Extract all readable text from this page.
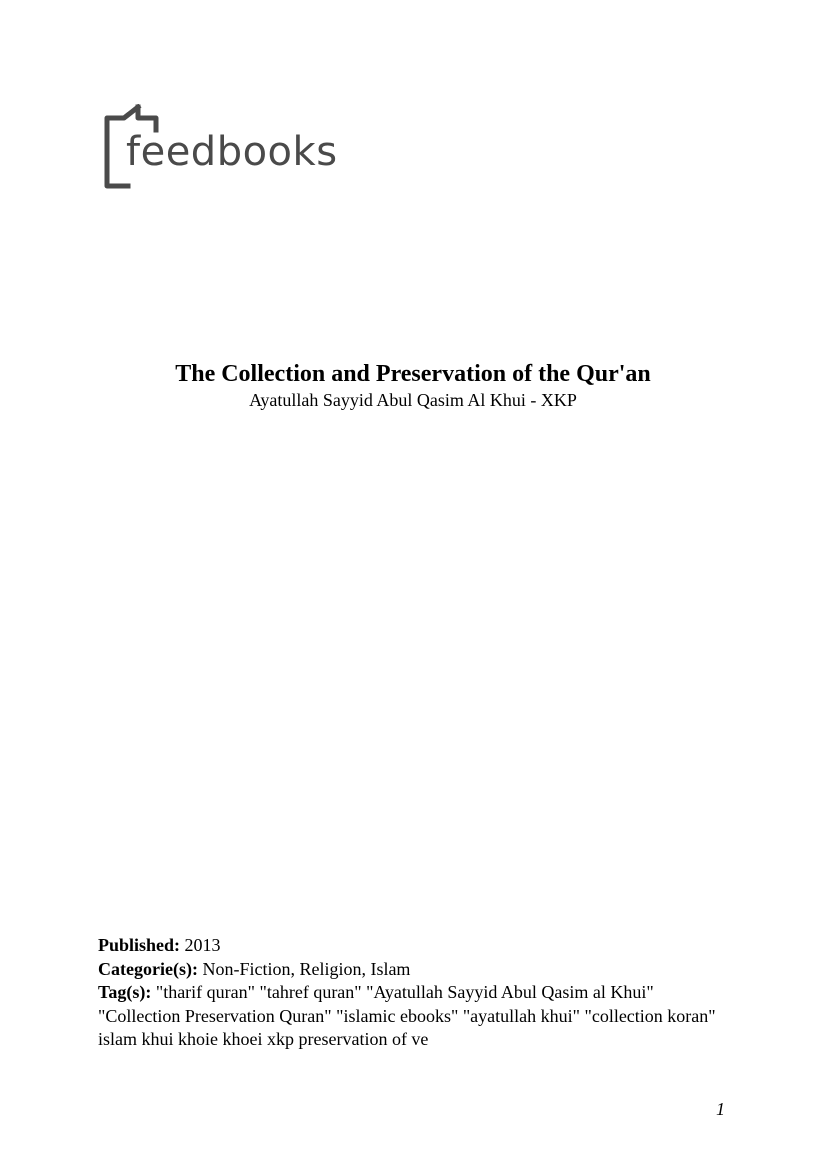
feedbooks

The Collection and Preservation of the Qur'an

Ayatullah Sayyid Abul Qasim Al Khui - XKP

Published: 2013

Categorie(s): Non-Fiction, Religion, Islam

Tag(s): "tharif quran" "tahref quran" "Ayatullah Sayyid Abul Qasim al Khui" "Collection Preservation Quran" "islamic ebooks" "ayatullah khui" "collection koran" islam khui khoie khoei xkp preservation of ve

1
